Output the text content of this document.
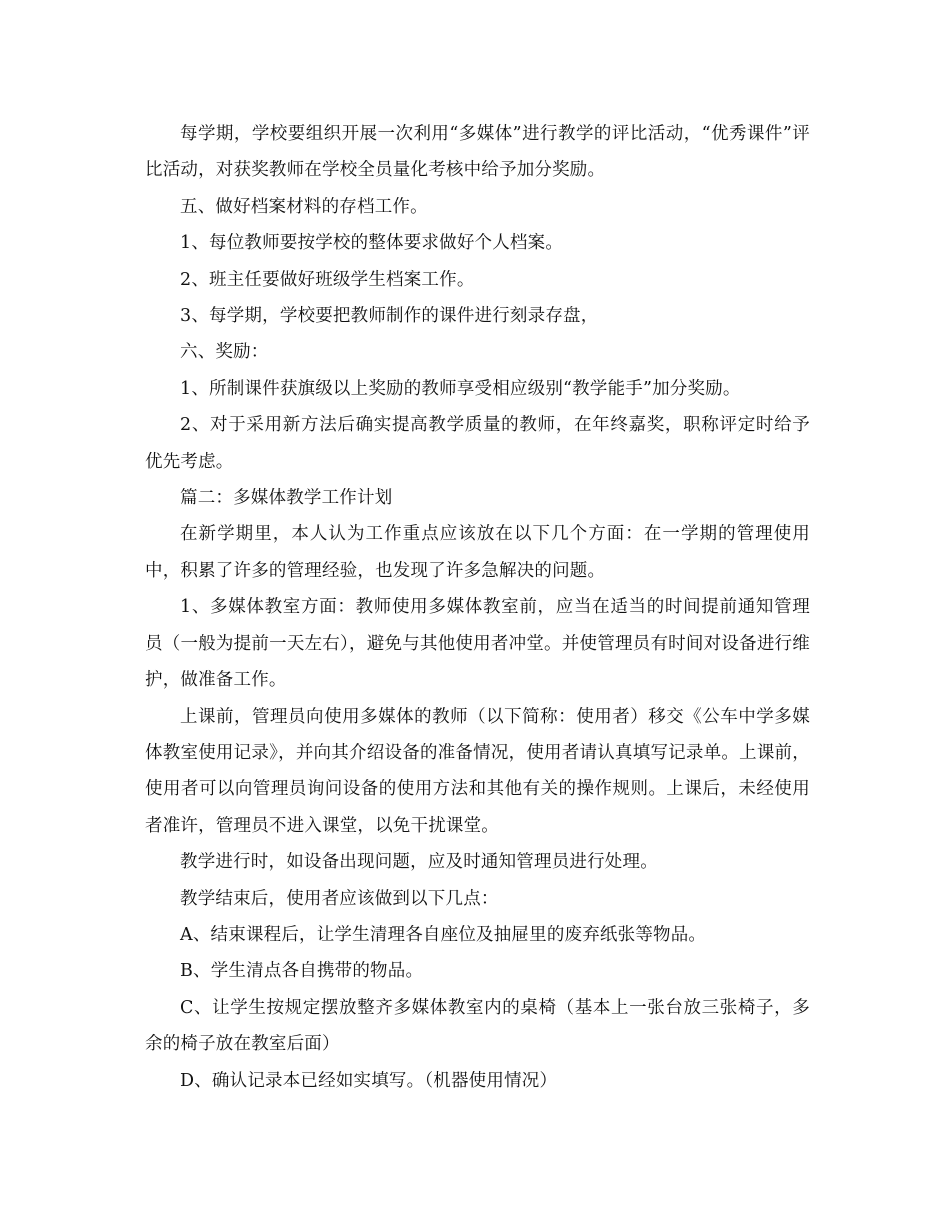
每学期，学校要组织开展一次利用“多媒体”进行教学的评比活动，“优秀课件”评比活动，对获奖教师在学校全员量化考核中给予加分奖励。

五、做好档案材料的存档工作。

1、每位教师要按学校的整体要求做好个人档案。

2、班主任要做好班级学生档案工作。

3、每学期，学校要把教师制作的课件进行刻录存盘，

六、奖励：

1、所制课件获旗级以上奖励的教师享受相应级别“教学能手”加分奖励。

2、对于采用新方法后确实提高教学质量的教师，在年终嘉奖，职称评定时给予优先考虑。

篇二：多媒体教学工作计划

在新学期里，本人认为工作重点应该放在以下几个方面：在一学期的管理使用中，积累了许多的管理经验，也发现了许多急解决的问题。

1、多媒体教室方面：教师使用多媒体教室前，应当在适当的时间提前通知管理员（一般为提前一天左右），避免与其他使用者冲堂。并使管理员有时间对设备进行维护，做准备工作。

上课前，管理员向使用多媒体的教师（以下简称：使用者）移交《公车中学多媒体教室使用记录》，并向其介绍设备的准备情况，使用者请认真填写记录单。上课前，使用者可以向管理员询问设备的使用方法和其他有关的操作规则。上课后，未经使用者准许，管理员不进入课堂，以免干扰课堂。

教学进行时，如设备出现问题，应及时通知管理员进行处理。

教学结束后，使用者应该做到以下几点：

A、结束课程后，让学生清理各自座位及抽屉里的废弃纸张等物品。

B、学生清点各自携带的物品。

C、让学生按规定摆放整齐多媒体教室内的桌椅（基本上一张台放三张椅子，多余的椅子放在教室后面）

D、确认记录本已经如实填写。（机器使用情况）
